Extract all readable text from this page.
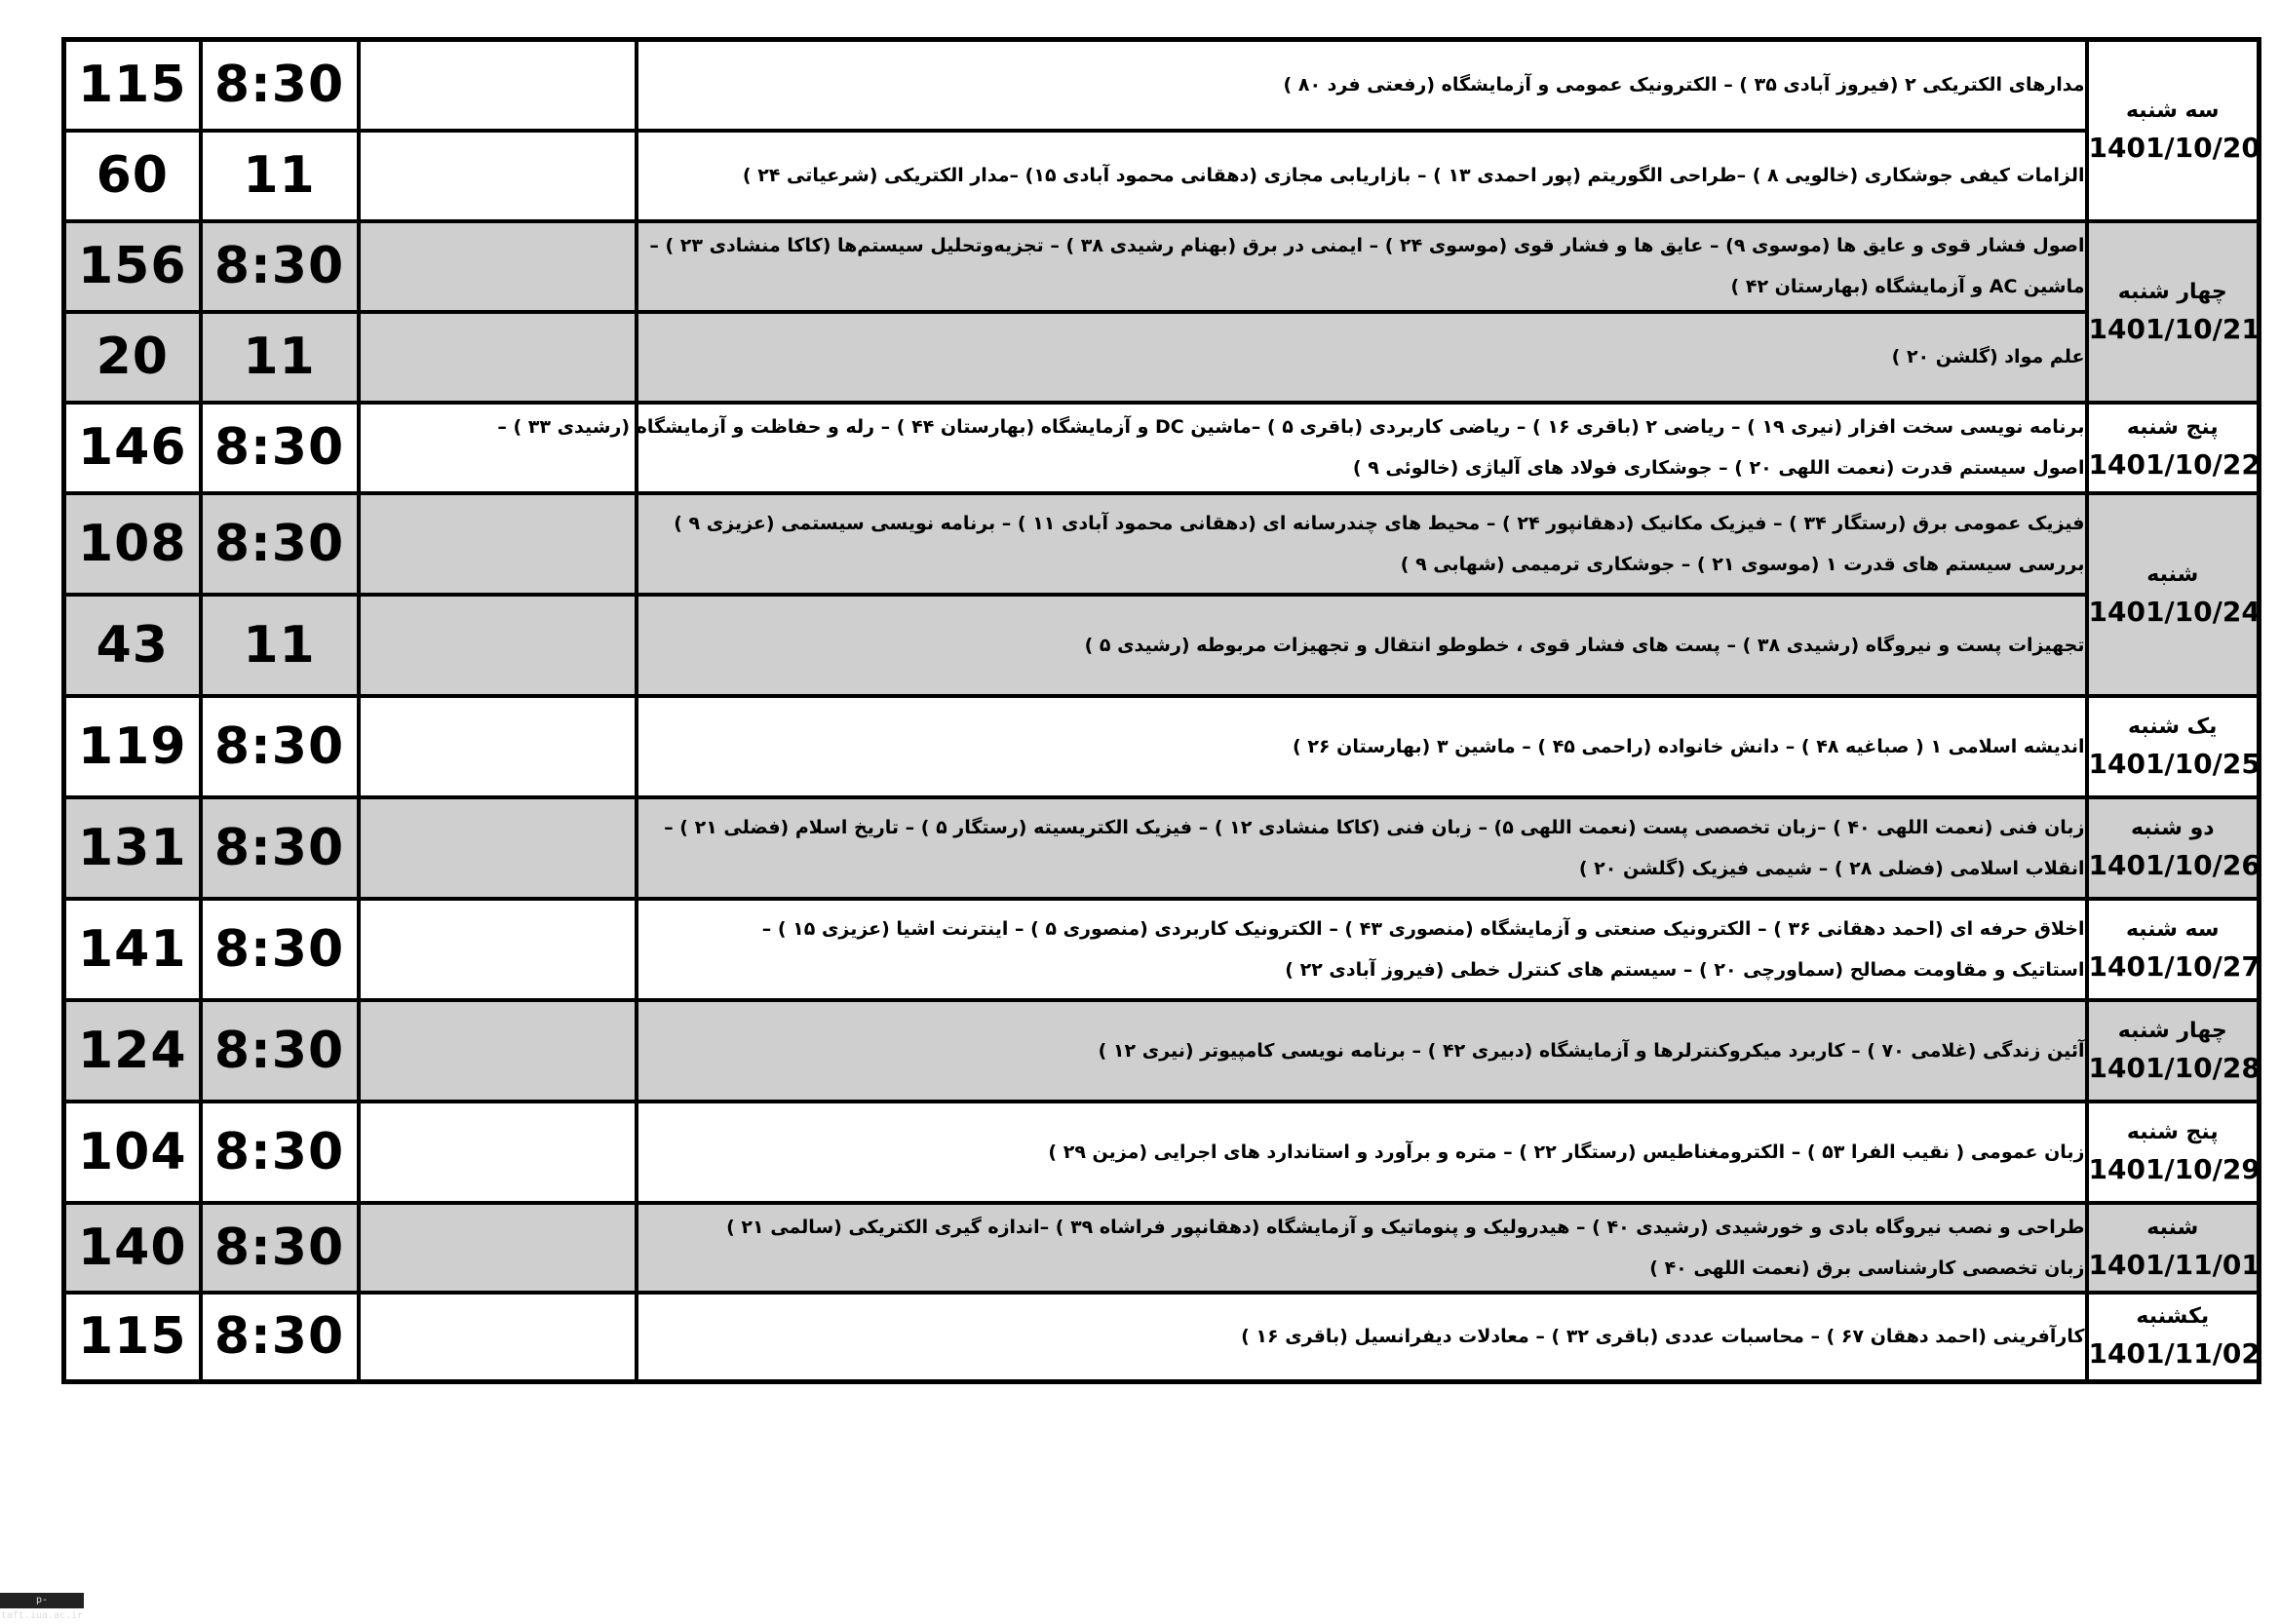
115	8:30		مدارهای الکتریکی ۲ (فیروز آبادی ۳۵ ) – الکترونیک عمومی و آزمایشگاه (رفعتی فرد ۸۰ )	سه شنبه
1401/10/20

60	11		الزامات کیفی جوشکاری (خالویی ۸ ) –طراحی الگوریتم (پور احمدی ۱۳ ) – بازاریابی مجازی (دهقانی محمود آبادی ۱۵) –مدار الکتریکی (شرعیاتی ۲۴ )	

156	8:30		اصول فشار قوی و عایق ها (موسوی ۹) – عایق ها و فشار قوی (موسوی ۲۴ ) – ایمنی در برق (بهنام رشیدی ۳۸ ) – تجزیه‌وتحلیل سیستم‌ها (کاکا منشادی ۲۳ ) –
ماشین AC و آزمایشگاه (بهارستان ۴۲ )	چهار شنبه
1401/10/21

20	11		علم مواد (گلشن ۲۰ )	

146	8:30		برنامه نویسی سخت افزار (نیری ۱۹ ) – ریاضی ۲ (باقری ۱۶ ) – ریاضی کاربردی (باقری ۵ ) –ماشین DC و آزمایشگاه (بهارستان ۴۴ ) – رله و حفاظت و آزمایشگاه (رشیدی ۳۳ ) –
اصول سیستم قدرت (نعمت اللهی ۲۰ ) – جوشکاری فولاد های آلیاژی (خالوئی ۹ )	پنج شنبه
1401/10/22

108	8:30		فیزیک عمومی برق (رستگار ۳۴ ) – فیزیک مکانیک (دهقانپور ۲۴ ) – محیط های چندرسانه ای (دهقانی محمود آبادی ۱۱ ) – برنامه نویسی سیستمی (عزیزی ۹ )
بررسی سیستم های قدرت ۱ (موسوی ۲۱ ) – جوشکاری ترمیمی (شهابی ۹ )	شنبه
1401/10/24

43	11		تجهیزات پست و نیروگاه (رشیدی ۳۸ ) – پست های فشار قوی ، خطوطو انتقال و تجهیزات مربوطه (رشیدی ۵ )	

119	8:30		اندیشه اسلامی ۱ ( صباغیه ۴۸ ) – دانش خانواده (راحمی ۴۵ ) – ماشین ۳ (بهارستان ۲۶ )	یک شنبه
1401/10/25

131	8:30		زبان فنی (نعمت اللهی ۴۰ ) –زبان تخصصی پست (نعمت اللهی ۵) – زبان فنی (کاکا منشادی ۱۲ ) – فیزیک الکتریسیته (رستگار ۵ ) – تاریخ اسلام (فضلی ۲۱ ) –
انقلاب اسلامی (فضلی ۲۸ ) – شیمی فیزیک (گلشن ۲۰ )	دو شنبه
1401/10/26

141	8:30		اخلاق حرفه ای (احمد دهقانی ۳۶ ) – الکترونیک صنعتی و آزمایشگاه (منصوری ۴۳ ) – الکترونیک کاربردی (منصوری ۵ ) – اینترنت اشیا (عزیزی ۱۵ ) –
استاتیک و مقاومت مصالح (سماورچی ۲۰ ) – سیستم های کنترل خطی (فیروز آبادی ۲۲ )	سه شنبه
1401/10/27

124	8:30		آئین زندگی (غلامی ۷۰ ) – کاربرد میکروکنترلرها و آزمایشگاه (دبیری ۴۲ ) – برنامه نویسی کامپیوتر (نیری ۱۲ )	چهار شنبه
1401/10/28

104	8:30		زبان عمومی ( نقیب الفرا ۵۳ ) – الکترومغناطیس (رستگار ۲۲ ) – متره و برآورد و استاندارد های اجرایی (مزین ۲۹ )	پنج شنبه
1401/10/29

140	8:30		طراحی و نصب نیروگاه بادی و خورشیدی (رشیدی ۴۰ ) – هیدرولیک و پنوماتیک و آزمایشگاه (دهقانپور فراشاه ۳۹ ) –اندازه گیری الکتریکی (سالمی ۲۱ )
زبان تخصصی کارشناسی برق (نعمت اللهی ۴۰ )	شنبه
1401/11/01

115	8:30		کارآفرینی (احمد دهقان ۶۷ ) – محاسبات عددی (باقری ۳۲ ) – معادلات دیفرانسیل (باقری ۱۶ )	یکشنبه
1401/11/02
p-taft.iua.ac.ir
